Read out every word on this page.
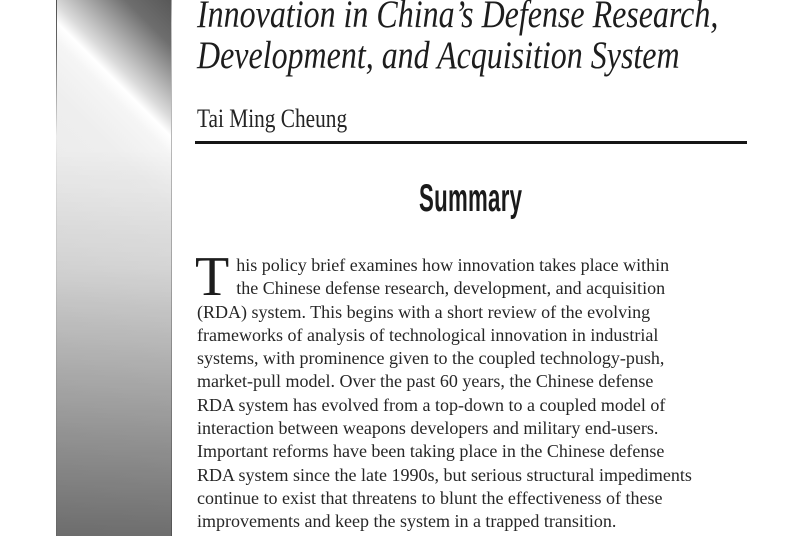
Innovation in China’s Defense Research,
Development, and Acquisition System
Tai Ming Cheung
Summary
T his policy brief examines how innovation takes place within
the Chinese defense research, development, and acquisition
(RDA) system. This begins with a short review of the evolving
frameworks of analysis of technological innovation in industrial
systems, with prominence given to the coupled technology-push,
market-pull model. Over the past 60 years, the Chinese defense
RDA system has evolved from a top-down to a coupled model of
interaction between weapons developers and military end-users.
Important reforms have been taking place in the Chinese defense
RDA system since the late 1990s, but serious structural impediments
continue to exist that threatens to blunt the effectiveness of these
improvements and keep the system in a trapped transition.
